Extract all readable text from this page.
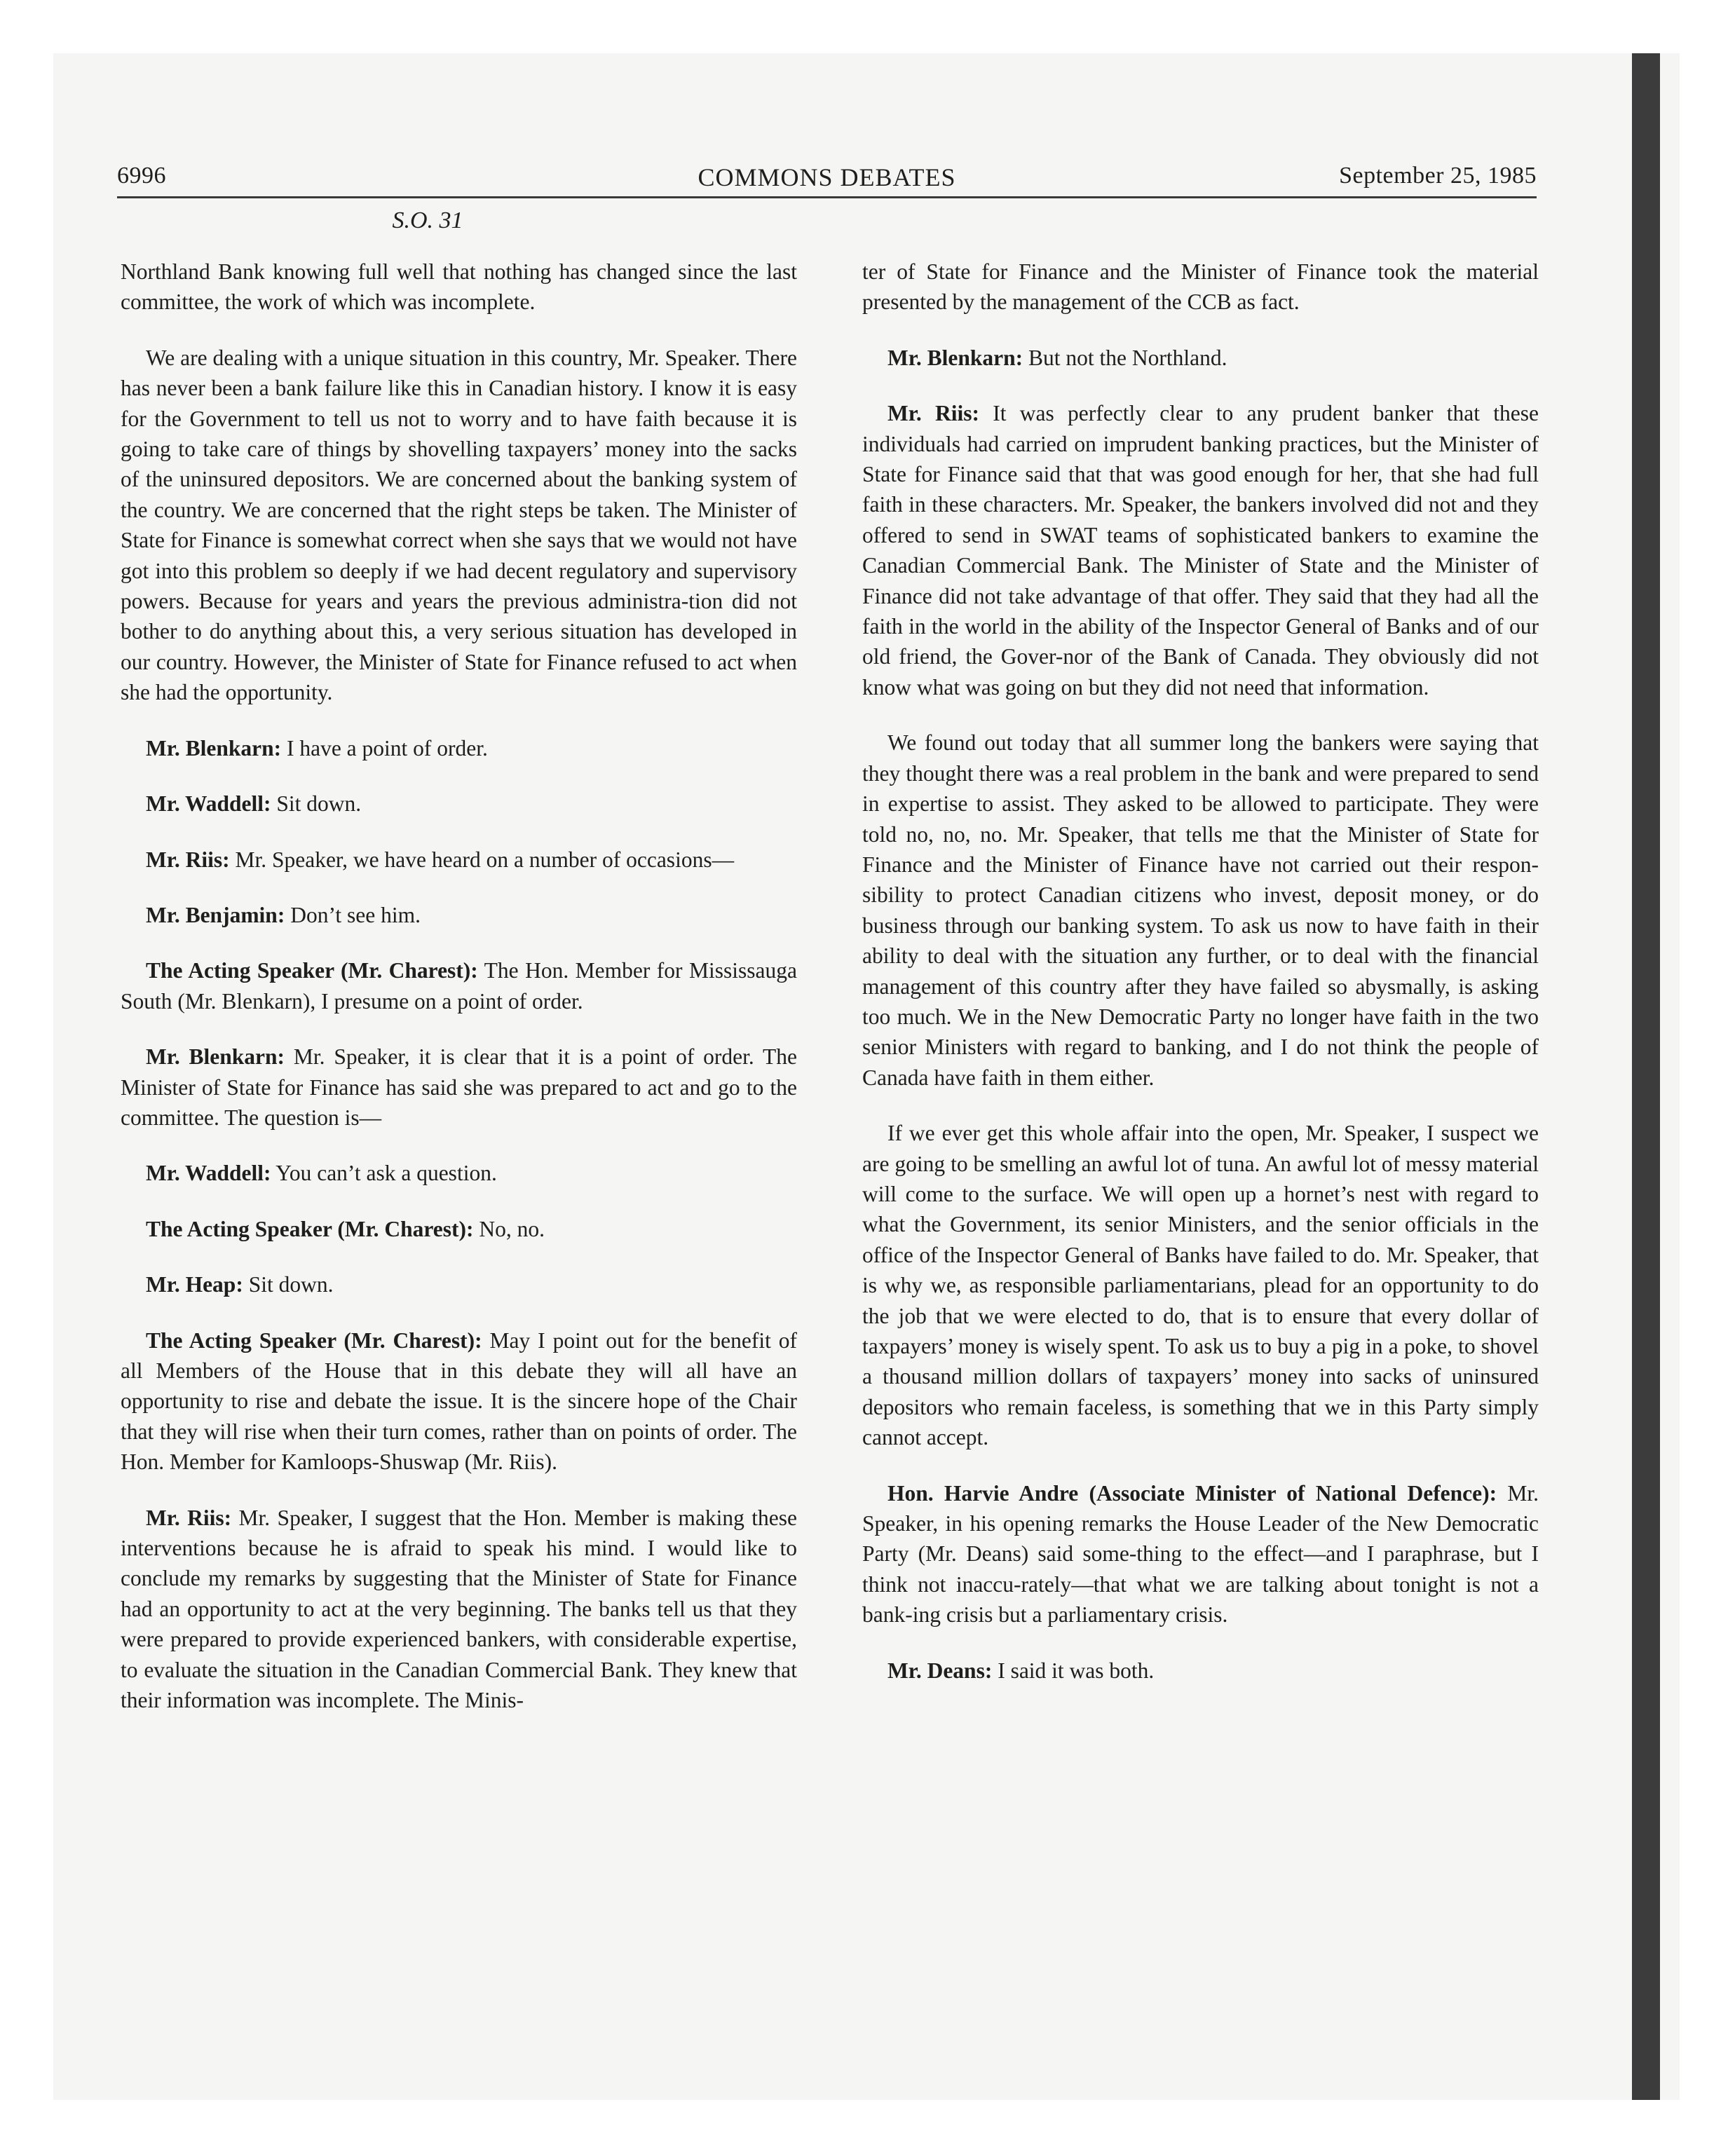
6996	COMMONS DEBATES	September 25, 1985
S.O. 31

Northland Bank knowing full well that nothing has changed since the last committee, the work of which was incomplete.

We are dealing with a unique situation in this country, Mr. Speaker. There has never been a bank failure like this in Canadian history. I know it is easy for the Government to tell us not to worry and to have faith because it is going to take care of things by shovelling taxpayers’ money into the sacks of the uninsured depositors. We are concerned about the banking system of the country. We are concerned that the right steps be taken. The Minister of State for Finance is somewhat correct when she says that we would not have got into this problem so deeply if we had decent regulatory and supervisory powers. Because for years and years the previous administra-tion did not bother to do anything about this, a very serious situation has developed in our country. However, the Minister of State for Finance refused to act when she had the opportunity.

Mr. Blenkarn: I have a point of order.

Mr. Waddell: Sit down.

Mr. Riis: Mr. Speaker, we have heard on a number of occasions—

Mr. Benjamin: Don’t see him.

The Acting Speaker (Mr. Charest): The Hon. Member for Mississauga South (Mr. Blenkarn), I presume on a point of order.

Mr. Blenkarn: Mr. Speaker, it is clear that it is a point of order. The Minister of State for Finance has said she was prepared to act and go to the committee. The question is—

Mr. Waddell: You can’t ask a question.

The Acting Speaker (Mr. Charest): No, no.

Mr. Heap: Sit down.

The Acting Speaker (Mr. Charest): May I point out for the benefit of all Members of the House that in this debate they will all have an opportunity to rise and debate the issue. It is the sincere hope of the Chair that they will rise when their turn comes, rather than on points of order. The Hon. Member for Kamloops-Shuswap (Mr. Riis).

Mr. Riis: Mr. Speaker, I suggest that the Hon. Member is making these interventions because he is afraid to speak his mind. I would like to conclude my remarks by suggesting that the Minister of State for Finance had an opportunity to act at the very beginning. The banks tell us that they were prepared to provide experienced bankers, with considerable expertise, to evaluate the situation in the Canadian Commercial Bank. They knew that their information was incomplete. The Minis-

ter of State for Finance and the Minister of Finance took the material presented by the management of the CCB as fact.

Mr. Blenkarn: But not the Northland.

Mr. Riis: It was perfectly clear to any prudent banker that these individuals had carried on imprudent banking practices, but the Minister of State for Finance said that that was good enough for her, that she had full faith in these characters. Mr. Speaker, the bankers involved did not and they offered to send in SWAT teams of sophisticated bankers to examine the Canadian Commercial Bank. The Minister of State and the Minister of Finance did not take advantage of that offer. They said that they had all the faith in the world in the ability of the Inspector General of Banks and of our old friend, the Gover-nor of the Bank of Canada. They obviously did not know what was going on but they did not need that information.

We found out today that all summer long the bankers were saying that they thought there was a real problem in the bank and were prepared to send in expertise to assist. They asked to be allowed to participate. They were told no, no, no. Mr. Speaker, that tells me that the Minister of State for Finance and the Minister of Finance have not carried out their respon-sibility to protect Canadian citizens who invest, deposit money, or do business through our banking system. To ask us now to have faith in their ability to deal with the situation any further, or to deal with the financial management of this country after they have failed so abysmally, is asking too much. We in the New Democratic Party no longer have faith in the two senior Ministers with regard to banking, and I do not think the people of Canada have faith in them either.

If we ever get this whole affair into the open, Mr. Speaker, I suspect we are going to be smelling an awful lot of tuna. An awful lot of messy material will come to the surface. We will open up a hornet’s nest with regard to what the Government, its senior Ministers, and the senior officials in the office of the Inspector General of Banks have failed to do. Mr. Speaker, that is why we, as responsible parliamentarians, plead for an opportunity to do the job that we were elected to do, that is to ensure that every dollar of taxpayers’ money is wisely spent. To ask us to buy a pig in a poke, to shovel a thousand million dollars of taxpayers’ money into sacks of uninsured depositors who remain faceless, is something that we in this Party simply cannot accept.

Hon. Harvie Andre (Associate Minister of National Defence): Mr. Speaker, in his opening remarks the House Leader of the New Democratic Party (Mr. Deans) said some-thing to the effect—and I paraphrase, but I think not inaccu-rately—that what we are talking about tonight is not a bank-ing crisis but a parliamentary crisis.

Mr. Deans: I said it was both.
